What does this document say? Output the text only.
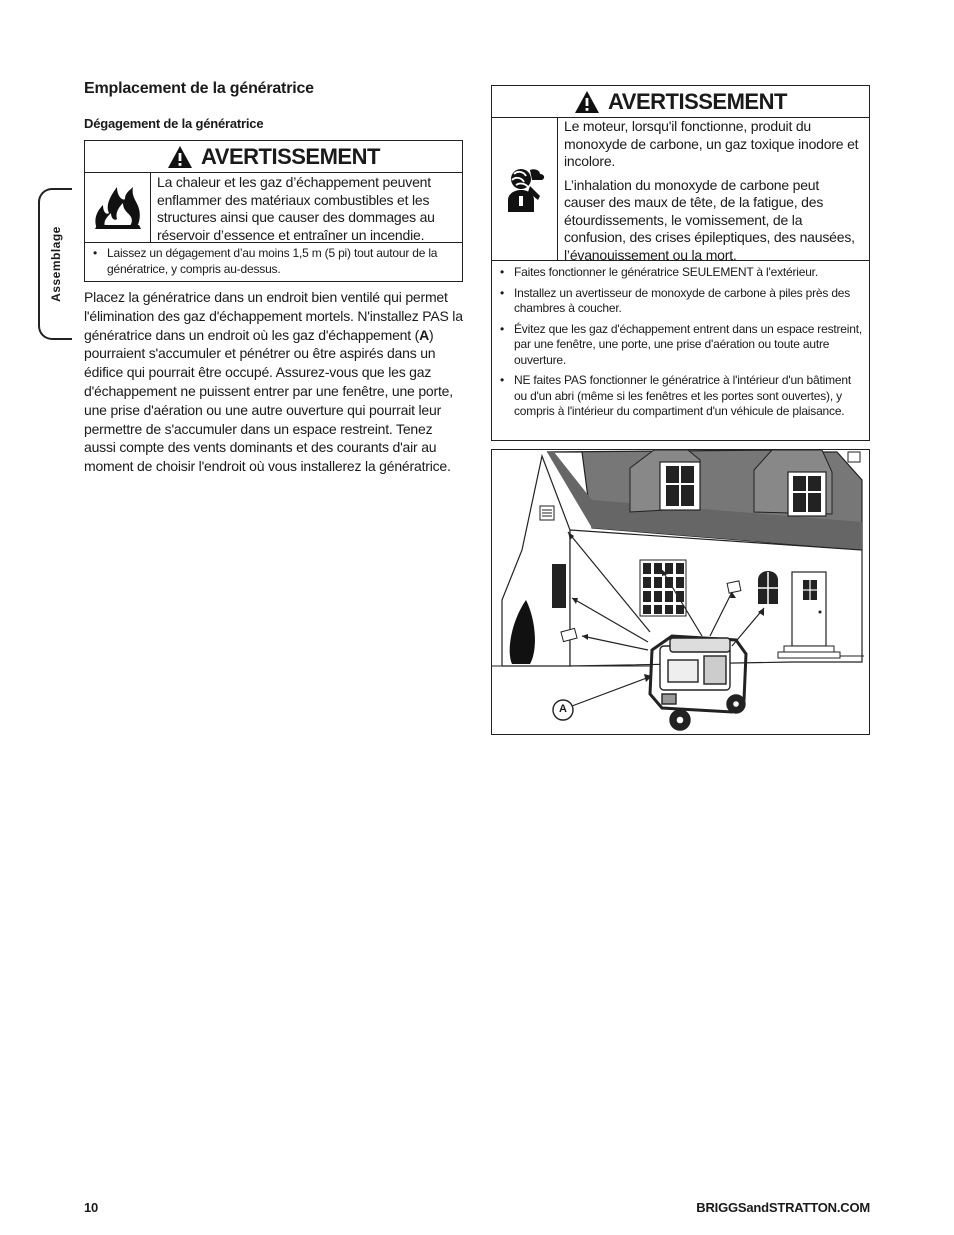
Assemblage
Emplacement de la génératrice
Dégagement de la génératrice
AVERTISSEMENT

La chaleur et les gaz d’échappement peuvent enflammer des matériaux combustibles et les structures ainsi que causer des dommages au réservoir d’essence et entraîner un incendie.

• Laissez un dégagement d’au moins 1,5 m (5 pi) tout autour de la génératrice, y compris au-dessus.

Placez la génératrice dans un endroit bien ventilé qui permet l'élimination des gaz d'échappement mortels. N'installez PAS la génératrice dans un endroit où les gaz d'échappement (A) pourraient s'accumuler et pénétrer ou être aspirés dans un édifice qui pourrait être occupé. Assurez-vous que les gaz d'échappement ne puissent entrer par une fenêtre, une porte, une prise d'aération ou une autre ouverture qui pourrait leur permettre de s'accumuler dans un espace restreint. Tenez aussi compte des vents dominants et des courants d'air au moment de choisir l'endroit où vous installerez la génératrice.

AVERTISSEMENT

Le moteur, lorsqu'il fonctionne, produit du monoxyde de carbone, un gaz toxique inodore et incolore.

L’inhalation du monoxyde de carbone peut causer des maux de tête, de la fatigue, des étourdissements, le vomissement, de la confusion, des crises épileptiques, des nausées, l’évanouissement ou la mort.

• Faites fonctionner le génératrice SEULEMENT à l'extérieur.
• Installez un avertisseur de monoxyde de carbone à piles près des chambres à coucher.
• Évitez que les gaz d'échappement entrent dans un espace restreint, par une fenêtre, une porte, une prise d'aération ou toute autre ouverture.
• NE faites PAS fonctionner le génératrice à l'intérieur d'un bâtiment ou d'un abri (même si les fenêtres et les portes sont ouvertes), y compris à l'intérieur du compartiment d'un véhicule de plaisance.
A

10	BRIGGSandSTRATTON.COM
